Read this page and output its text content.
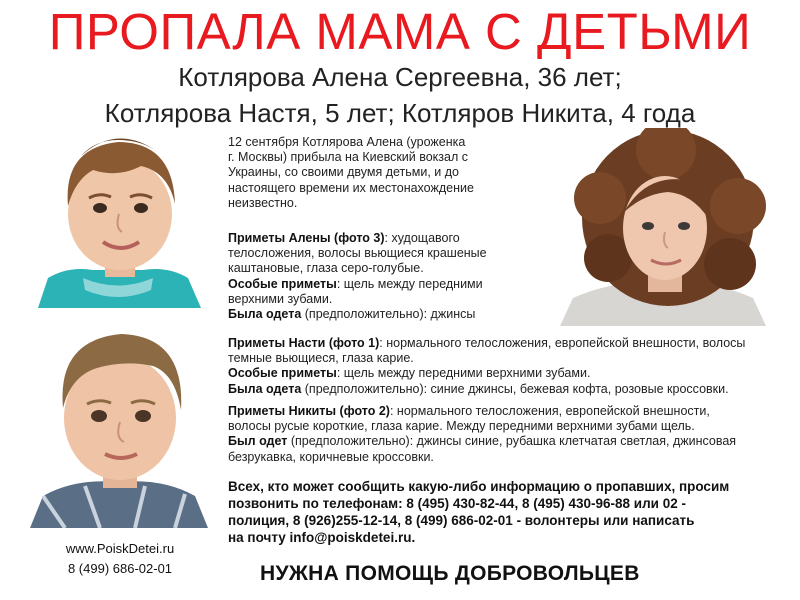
ПРОПАЛА МАМА С ДЕТЬМИ
Котлярова Алена Сергеевна, 36 лет;
Котлярова Настя, 5 лет; Котляров Никита, 4 года
12 сентября Котлярова Алена (уроженка
г. Москвы) прибыла на Киевский вокзал с
Украины, со своими двумя детьми, и до
настоящего времени их местонахождение
неизвестно.
Приметы Алены (фото 3): худощавого
телосложения, волосы вьющиеся крашеные
каштановые, глаза серо-голубые.
Особые приметы: щель между передними
верхними зубами.
Была одета (предположительно): джинсы
Приметы Насти (фото 1): нормального телосложения, европейской внешности, волосы
темные вьющиеся, глаза карие.
Особые приметы: щель между передними верхними зубами.
Была одета (предположительно): синие джинсы, бежевая кофта, розовые кроссовки.
Приметы Никиты (фото 2): нормального телосложения, европейской внешности,
волосы русые короткие, глаза карие. Между передними верхними зубами щель.
Был одет (предположительно): джинсы синие, рубашка клетчатая светлая, джинсовая
безрукавка, коричневые кроссовки.
Всех, кто может сообщить какую-либо информацию о пропавших, просим
позвонить по телефонам: 8 (495) 430-82-44, 8 (495) 430-96-88 или 02 -
полиция, 8 (926)255-12-14, 8 (499) 686-02-01 - волонтеры или написать
на почту info@poiskdetei.ru.
www.PoiskDetei.ru
8 (499) 686-02-01	НУЖНА ПОМОЩЬ ДОБРОВОЛЬЦЕВ
